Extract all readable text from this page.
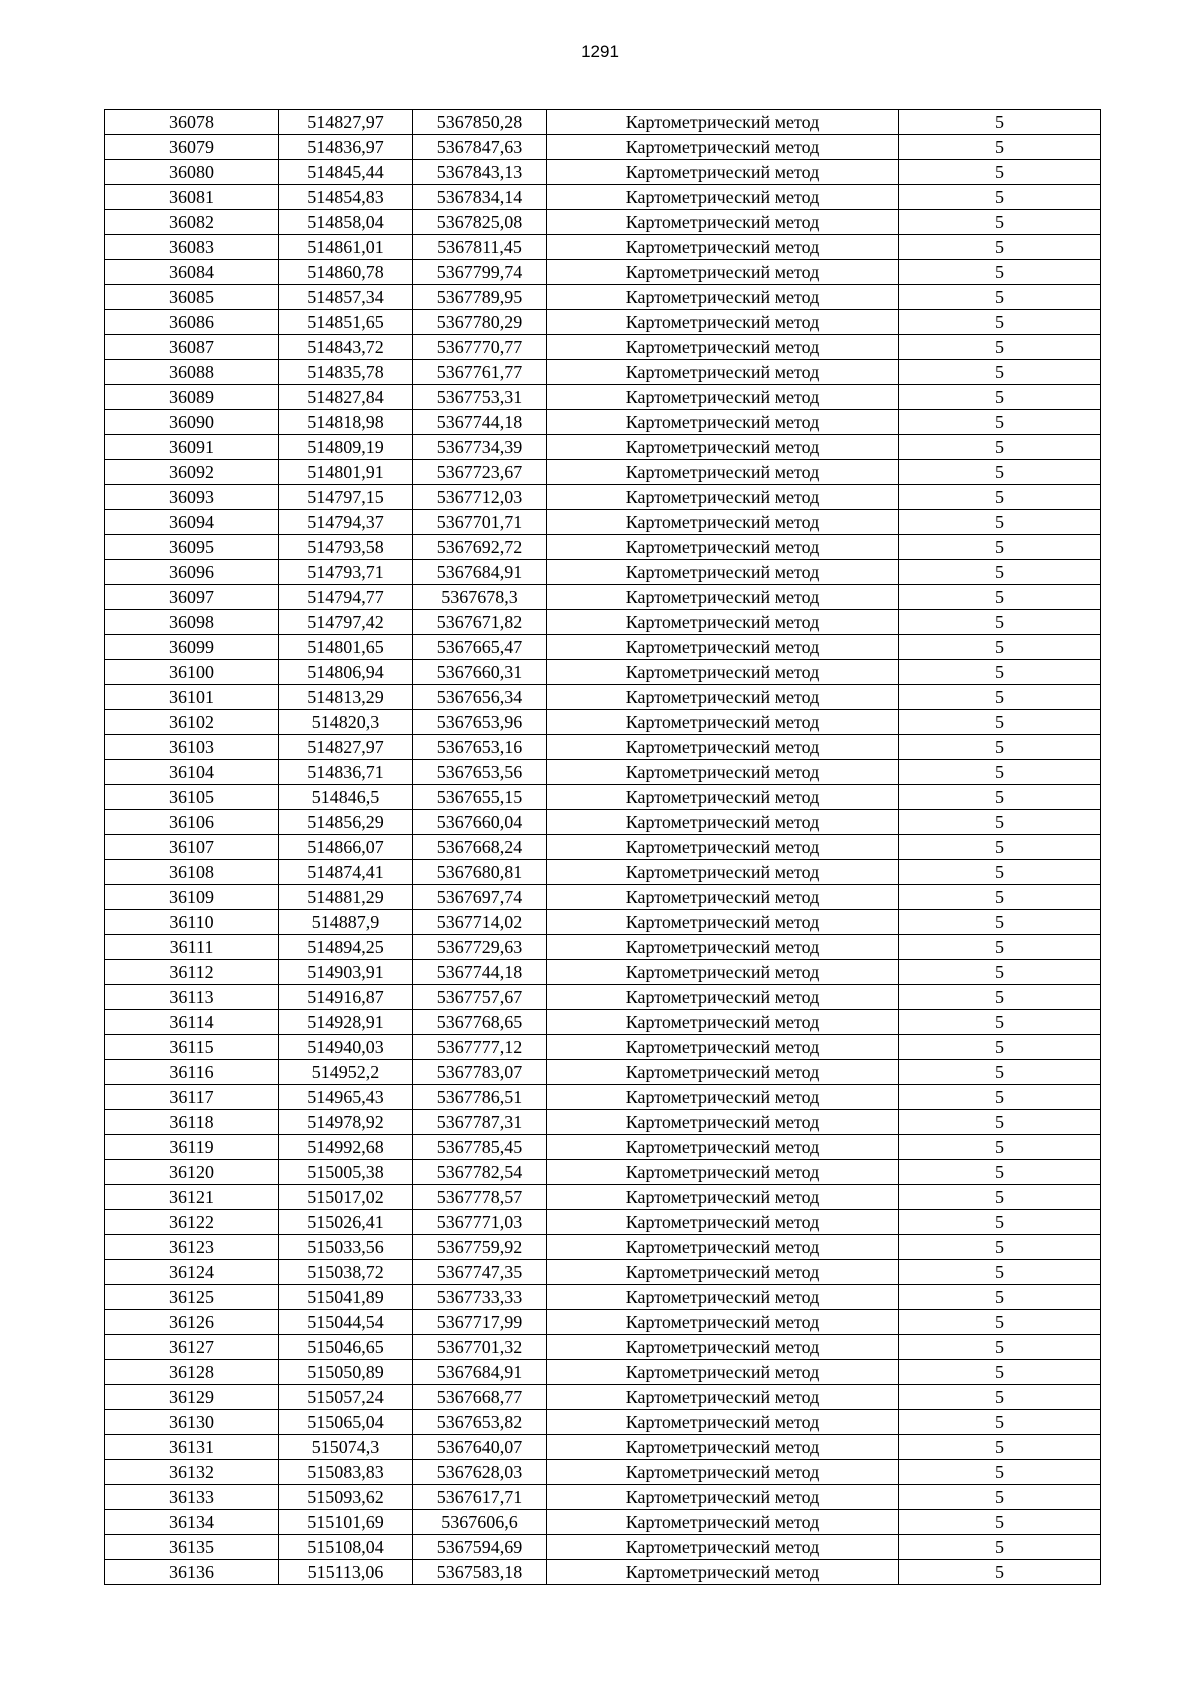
1291
36078	514827,97	5367850,28	Картометрический метод	5
36079	514836,97	5367847,63	Картометрический метод	5
36080	514845,44	5367843,13	Картометрический метод	5
36081	514854,83	5367834,14	Картометрический метод	5
36082	514858,04	5367825,08	Картометрический метод	5
36083	514861,01	5367811,45	Картометрический метод	5
36084	514860,78	5367799,74	Картометрический метод	5
36085	514857,34	5367789,95	Картометрический метод	5
36086	514851,65	5367780,29	Картометрический метод	5
36087	514843,72	5367770,77	Картометрический метод	5
36088	514835,78	5367761,77	Картометрический метод	5
36089	514827,84	5367753,31	Картометрический метод	5
36090	514818,98	5367744,18	Картометрический метод	5
36091	514809,19	5367734,39	Картометрический метод	5
36092	514801,91	5367723,67	Картометрический метод	5
36093	514797,15	5367712,03	Картометрический метод	5
36094	514794,37	5367701,71	Картометрический метод	5
36095	514793,58	5367692,72	Картометрический метод	5
36096	514793,71	5367684,91	Картометрический метод	5
36097	514794,77	5367678,3	Картометрический метод	5
36098	514797,42	5367671,82	Картометрический метод	5
36099	514801,65	5367665,47	Картометрический метод	5
36100	514806,94	5367660,31	Картометрический метод	5
36101	514813,29	5367656,34	Картометрический метод	5
36102	514820,3	5367653,96	Картометрический метод	5
36103	514827,97	5367653,16	Картометрический метод	5
36104	514836,71	5367653,56	Картометрический метод	5
36105	514846,5	5367655,15	Картометрический метод	5
36106	514856,29	5367660,04	Картометрический метод	5
36107	514866,07	5367668,24	Картометрический метод	5
36108	514874,41	5367680,81	Картометрический метод	5
36109	514881,29	5367697,74	Картометрический метод	5
36110	514887,9	5367714,02	Картометрический метод	5
36111	514894,25	5367729,63	Картометрический метод	5
36112	514903,91	5367744,18	Картометрический метод	5
36113	514916,87	5367757,67	Картометрический метод	5
36114	514928,91	5367768,65	Картометрический метод	5
36115	514940,03	5367777,12	Картометрический метод	5
36116	514952,2	5367783,07	Картометрический метод	5
36117	514965,43	5367786,51	Картометрический метод	5
36118	514978,92	5367787,31	Картометрический метод	5
36119	514992,68	5367785,45	Картометрический метод	5
36120	515005,38	5367782,54	Картометрический метод	5
36121	515017,02	5367778,57	Картометрический метод	5
36122	515026,41	5367771,03	Картометрический метод	5
36123	515033,56	5367759,92	Картометрический метод	5
36124	515038,72	5367747,35	Картометрический метод	5
36125	515041,89	5367733,33	Картометрический метод	5
36126	515044,54	5367717,99	Картометрический метод	5
36127	515046,65	5367701,32	Картометрический метод	5
36128	515050,89	5367684,91	Картометрический метод	5
36129	515057,24	5367668,77	Картометрический метод	5
36130	515065,04	5367653,82	Картометрический метод	5
36131	515074,3	5367640,07	Картометрический метод	5
36132	515083,83	5367628,03	Картометрический метод	5
36133	515093,62	5367617,71	Картометрический метод	5
36134	515101,69	5367606,6	Картометрический метод	5
36135	515108,04	5367594,69	Картометрический метод	5
36136	515113,06	5367583,18	Картометрический метод	5
